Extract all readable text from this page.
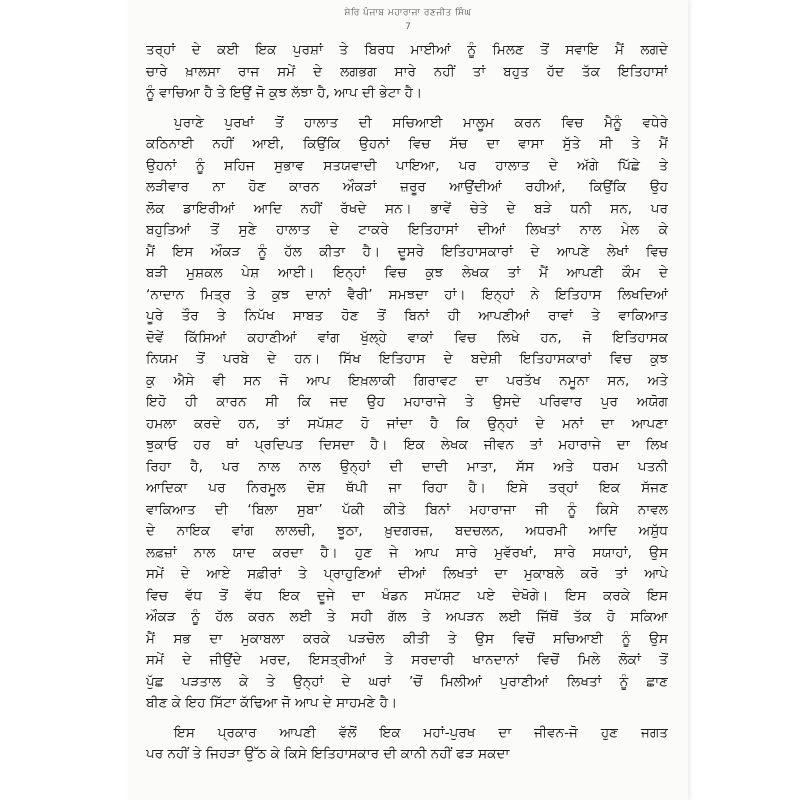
ਸ਼ੇਰਿ ਪੰਜਾਬ ਮਹਾਰਾਜਾ ਰਣਜੀਤ ਸਿੰਘ
7
ਤਰ੍ਹਾਂ ਦੇ ਕਈ ਇਕ ਪੁਰਸ਼ਾਂ ਤੇ ਬਿਰਧ ਮਾਈਆਂ ਨੂੰ ਮਿਲਣ ਤੋਂ ਸਵਾਇ ਮੈਂ ਲਗਦੇ
ਚਾਰੇ ਖ਼ਾਲਸਾ ਰਾਜ ਸਮੇਂ ਦੇ ਲਗਭਗ ਸਾਰੇ ਨਹੀਂ ਤਾਂ ਬਹੁਤ ਹੱਦ ਤੱਕ ਇਤਿਹਾਸਾਂ
ਨੂੰ ਵਾਚਿਆ ਹੈ ਤੇ ਇਉਂ ਜੋ ਕੁਝ ਲੱਝਾ ਹੈ, ਆਪ ਦੀ ਭੇਟਾ ਹੈ।
ਪੁਰਾਣੇ ਪੁਰਖਾਂ ਤੋਂ ਹਾਲਾਤ ਦੀ ਸਚਿਆਈ ਮਾਲੂਮ ਕਰਨ ਵਿਚ ਮੈਨੂੰ ਵਧੇਰੇ
ਕਠਿਨਾਈ ਨਹੀਂ ਆਈ, ਕਿਉਂਕਿ ਉਹਨਾਂ ਵਿਚ ਸੱਚ ਦਾ ਵਾਸਾ ਸੁੱਤੇ ਸੀ ਤੇ ਮੈਂ
ਉਹਨਾਂ ਨੂੰ ਸਹਿਜ ਸੁਭਾਵ ਸਤਯਵਾਦੀ ਪਾਇਆ, ਪਰ ਹਾਲਾਤ ਦੇ ਅੱਗੇ ਪਿੱਛੇ ਤੇ
ਲੜੀਵਾਰ ਨਾ ਹੋਣ ਕਾਰਨ ਔਕੜਾਂ ਜ਼ਰੂਰ ਆਉਂਦੀਆਂ ਰਹੀਆਂ, ਕਿਉਂਕਿ ਉਹ
ਲੋਕ ਡਾਇਰੀਆਂ ਆਦਿ ਨਹੀਂ ਰੱਖਦੇ ਸਨ। ਭਾਵੇਂ ਚੇਤੇ ਦੇ ਬੜੇ ਧਨੀ ਸਨ, ਪਰ
ਬਹੁਤਿਆਂ ਤੋਂ ਸੁਣੇ ਹਾਲਾਤ ਦੇ ਟਾਕਰੇ ਇਤਿਹਾਸਾਂ ਦੀਆਂ ਲਿਖਤਾਂ ਨਾਲ ਮੇਲ ਕੇ
ਮੈਂ ਇਸ ਔਕੜ ਨੂੰ ਹੱਲ ਕੀਤਾ ਹੈ। ਦੂਸਰੇ ਇਤਿਹਾਸਕਾਰਾਂ ਦੇ ਆਪਣੇ ਲੇਖਾਂ ਵਿਚ
ਬੜੀ ਮੁਸ਼ਕਲ ਪੇਸ਼ ਆਈ। ਇਨ੍ਹਾਂ ਵਿਚ ਕੁਝ ਲੇਖਕ ਤਾਂ ਮੈਂ ਆਪਣੀ ਕੌਮ ਦੇ
‘ਨਾਦਾਨ ਮਿਤ੍ਰ ਤੇ ਕੁਝ ਦਾਨਾਂ ਵੈਰੀ’ ਸਮਝਦਾ ਹਾਂ। ਇਨ੍ਹਾਂ ਨੇ ਇਤਿਹਾਸ ਲਿਖਦਿਆਂ
ਪੂਰੇ ਤੌਰ ਤੇ ਨਿਪੱਖ ਸਾਬਤ ਹੋਣ ਤੋਂ ਬਿਨਾਂ ਹੀ ਆਪਣੀਆਂ ਰਾਵਾਂ ਤੇ ਵਾਕਿਆਤ
ਦੋਵੇਂ ਕਿੱਸਿਆਂ ਕਹਾਣੀਆਂ ਵਾਂਗ ਖੁੱਲ੍ਹੇ ਵਾਕਾਂ ਵਿਚ ਲਿਖੇ ਹਨ, ਜੋ ਇਤਿਹਾਸਕ
ਨਿਯਮ ਤੋਂ ਪਰਬੇ ਦੇ ਹਨ। ਸਿੱਖ ਇਤਿਹਾਸ ਦੇ ਬਦੇਸ਼ੀ ਇਤਿਹਾਸਕਾਰਾਂ ਵਿਚ ਕੁਝ
ਕੁ ਐਸੇ ਵੀ ਸਨ ਜੋ ਆਪ ਇਖ਼ਲਾਕੀ ਗਿਰਾਵਟ ਦਾ ਪਰਤੱਖ ਨਮੂਨਾ ਸਨ, ਅਤੇ
ਇਹੋ ਹੀ ਕਾਰਨ ਸੀ ਕਿ ਜਦ ਉਹ ਮਹਾਰਾਜੇ ਤੇ ਉਸਦੇ ਪਰਿਵਾਰ ਪੁਰ ਅਯੋਗ
ਹਮਲਾ ਕਰਦੇ ਹਨ, ਤਾਂ ਸਪੱਸ਼ਟ ਹੋ ਜਾਂਦਾ ਹੈ ਕਿ ਉਨ੍ਹਾਂ ਦੇ ਮਨਾਂ ਦਾ ਆਪਣਾ
ਝੁਕਾਓ ਹਰ ਥਾਂ ਪ੍ਰਦਿਪਤ ਦਿਸਦਾ ਹੈ। ਇਕ ਲੇਖਕ ਜੀਵਨ ਤਾਂ ਮਹਾਰਾਜੇ ਦਾ ਲਿਖ
ਰਿਹਾ ਹੈ, ਪਰ ਨਾਲ ਨਾਲ ਉਨ੍ਹਾਂ ਦੀ ਦਾਦੀ ਮਾਤਾ, ਸੱਸ ਅਤੇ ਧਰਮ ਪਤਨੀ
ਆਦਿਕਾ ਪਰ ਨਿਰਮੂਲ ਦੋਸ਼ ਥੱਪੀ ਜਾ ਰਿਹਾ ਹੈ। ਇਸੇ ਤਰ੍ਹਾਂ ਇਕ ਸੱਜਣ
ਵਾਕਿਆਤ ਦੀ ‘ਬਿਲਾ ਸੁਬਾ’ ਪੱਕੀ ਕੀਤੇ ਬਿਨਾਂ ਮਹਾਰਾਜਾ ਜੀ ਨੂੰ ਕਿਸੇ ਨਾਵਲ
ਦੇ ਨਾਇਕ ਵਾਂਗ ਲਾਲਚੀ, ਝੂਠਾ, ਖ਼ੁਦਗਰਜ਼, ਬਦਚਲਨ, ਅਧਰਮੀ ਆਦਿ ਅਸ਼ੁੱਧ
ਲਫ਼ਜ਼ਾਂ ਨਾਲ ਯਾਦ ਕਰਦਾ ਹੈ। ਹੁਣ ਜੇ ਆਪ ਸਾਰੇ ਮੁਵੱਰਖਾਂ, ਸਾਰੇ ਸਯਾਹਾਂ, ਉਸ
ਸਮੇਂ ਦੇ ਆਏ ਸਫ਼ੀਰਾਂ ਤੇ ਪ੍ਰਾਹੁਣਿਆਂ ਦੀਆਂ ਲਿਖਤਾਂ ਦਾ ਮੁਕਾਬਲੇ ਕਰੋ ਤਾਂ ਆਪੇ
ਵਿਚ ਵੱਧ ਤੋਂ ਵੱਧ ਇਕ ਦੂਜੇ ਦਾ ਖੰਡਨ ਸਪੱਸ਼ਟ ਪਏ ਦੇਖੋਗੇ। ਇਸ ਕਰਕੇ ਇਸ
ਔਕੜ ਨੂੰ ਹੱਲ ਕਰਨ ਲਈ ਤੇ ਸਹੀ ਗੱਲ ਤੇ ਅਪੜਨ ਲਈ ਜਿੱਥੋਂ ਤੱਕ ਹੋ ਸਕਿਆ
ਮੈਂ ਸਭ ਦਾ ਮੁਕਾਬਲਾ ਕਰਕੇ ਪੜਚੋਲ ਕੀਤੀ ਤੇ ਉਸ ਵਿਚੋਂ ਸਚਿਆਈ ਨੂੰ ਉਸ
ਸਮੇਂ ਦੇ ਜੀਉਂਦੇ ਮਰਦ, ਇਸਤ੍ਰੀਆਂ ਤੇ ਸਰਦਾਰੀ ਖਾਨਦਾਨਾਂ ਵਿਚੋਂ ਮਿਲੇ ਲੋਕਾਂ ਤੋਂ
ਪੁੱਛ ਪੜਤਾਲ ਕੇ ਤੇ ਉਨ੍ਹਾਂ ਦੇ ਘਰਾਂ ’ਚੋਂ ਮਿਲੀਆਂ ਪੁਰਾਣੀਆਂ ਲਿਖਤਾਂ ਨੂੰ ਛਾਣ
ਬੀਣ ਕੇ ਇਹ ਸਿੱਟਾ ਕੱਢਿਆ ਜੋ ਆਪ ਦੇ ਸਾਹਮਣੇ ਹੈ।
ਇਸ ਪ੍ਰਕਾਰ ਆਪਣੀ ਵੱਲੋਂ ਇਕ ਮਹਾਂ-ਪੁਰਖ ਦਾ ਜੀਵਨ-ਜੋ ਹੁਣ ਜਗਤ
ਪਰ ਨਹੀਂ ਤੇ ਜਿਹੜਾ ਉੱਠ ਕੇ ਕਿਸੇ ਇਤਿਹਾਸਕਾਰ ਦੀ ਕਾਨੀ ਨਹੀਂ ਫੜ ਸਕਦਾ
